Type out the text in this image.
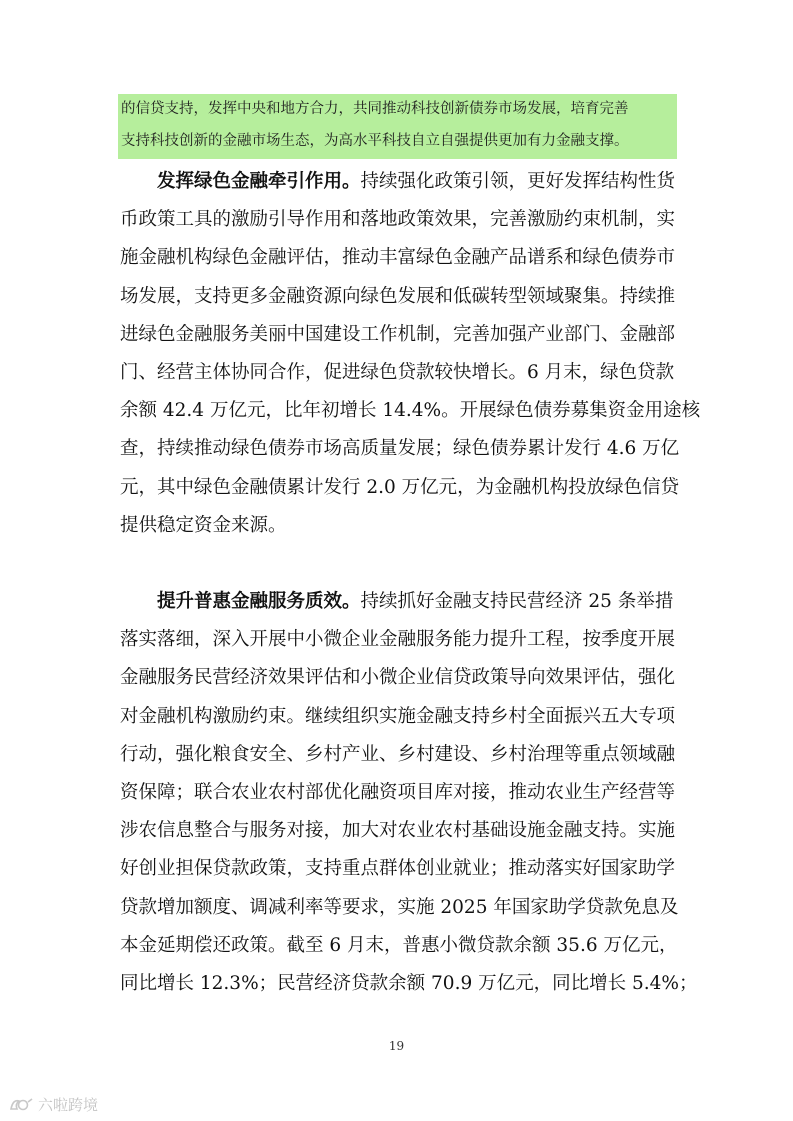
的信贷支持，发挥中央和地方合力，共同推动科技创新债券市场发展，培育完善
支持科技创新的金融市场生态，为高水平科技自立自强提供更加有力金融支撑。
发挥绿色金融牵引作用。持续强化政策引领，更好发挥结构性货
币政策工具的激励引导作用和落地政策效果，完善激励约束机制，实
施金融机构绿色金融评估，推动丰富绿色金融产品谱系和绿色债券市
场发展，支持更多金融资源向绿色发展和低碳转型领域聚集。持续推
进绿色金融服务美丽中国建设工作机制，完善加强产业部门、金融部
门、经营主体协同合作，促进绿色贷款较快增长。6 月末，绿色贷款
余额 42.4 万亿元，比年初增长 14.4%。开展绿色债券募集资金用途核
查，持续推动绿色债券市场高质量发展；绿色债券累计发行 4.6 万亿
元，其中绿色金融债累计发行 2.0 万亿元，为金融机构投放绿色信贷
提供稳定资金来源。
提升普惠金融服务质效。持续抓好金融支持民营经济 25 条举措
落实落细，深入开展中小微企业金融服务能力提升工程，按季度开展
金融服务民营经济效果评估和小微企业信贷政策导向效果评估，强化
对金融机构激励约束。继续组织实施金融支持乡村全面振兴五大专项
行动，强化粮食安全、乡村产业、乡村建设、乡村治理等重点领域融
资保障；联合农业农村部优化融资项目库对接，推动农业生产经营等
涉农信息整合与服务对接，加大对农业农村基础设施金融支持。实施
好创业担保贷款政策，支持重点群体创业就业；推动落实好国家助学
贷款增加额度、调减利率等要求，实施 2025 年国家助学贷款免息及
本金延期偿还政策。截至 6 月末，普惠小微贷款余额 35.6 万亿元，
同比增长 12.3%；民营经济贷款余额 70.9 万亿元，同比增长 5.4%；
19
六啦跨境
